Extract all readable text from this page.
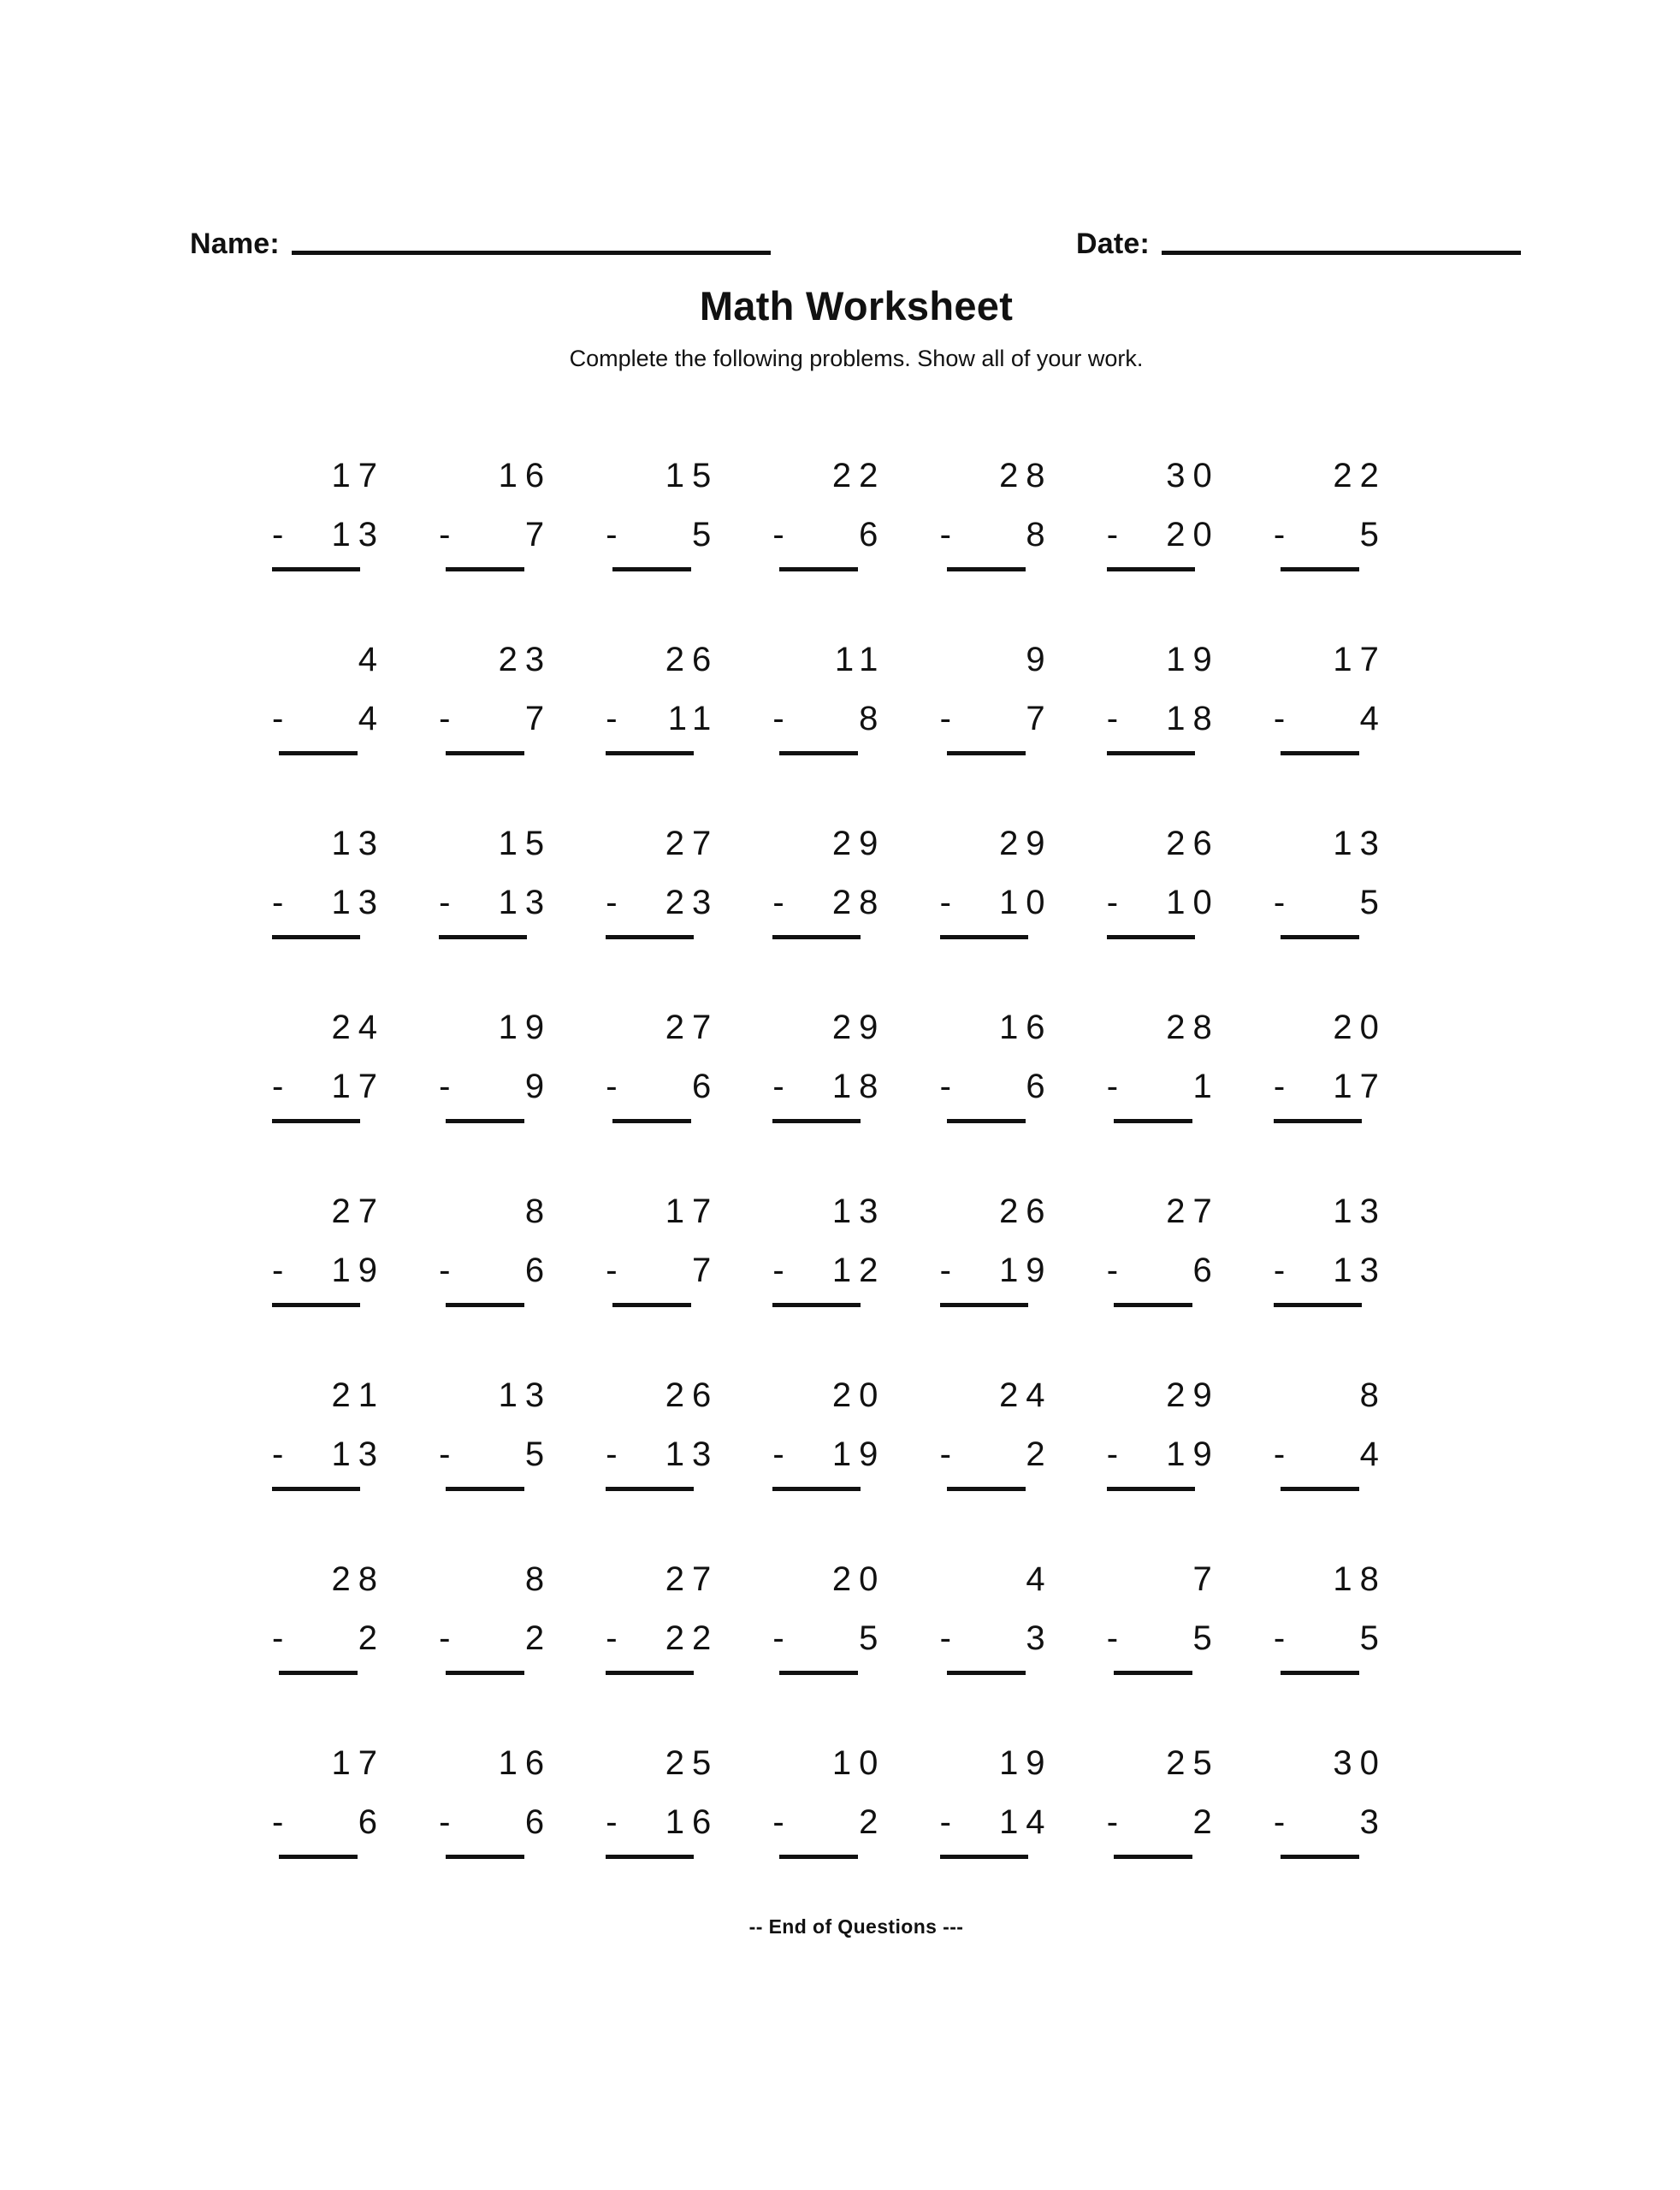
Name:	Date:
Math Worksheet

Complete the following problems. Show all of your work.

17
-	13
16
-	7
15
-	5
22
-	6
28
-	8
30
-	20
22
-	5
4
-	4
23
-	7
26
-	11
11
-	8
9
-	7
19
-	18
17
-	4
13
-	13
15
-	13
27
-	23
29
-	28
29
-	10
26
-	10
13
-	5
24
-	17
19
-	9
27
-	6
29
-	18
16
-	6
28
-	1
20
-	17
27
-	19
8
-	6
17
-	7
13
-	12
26
-	19
27
-	6
13
-	13
21
-	13
13
-	5
26
-	13
20
-	19
24
-	2
29
-	19
8
-	4
28
-	2
8
-	2
27
-	22
20
-	5
4
-	3
7
-	5
18
-	5
17
-	6
16
-	6
25
-	16
10
-	2
19
-	14
25
-	2
30
-	3
-- End of Questions ---
